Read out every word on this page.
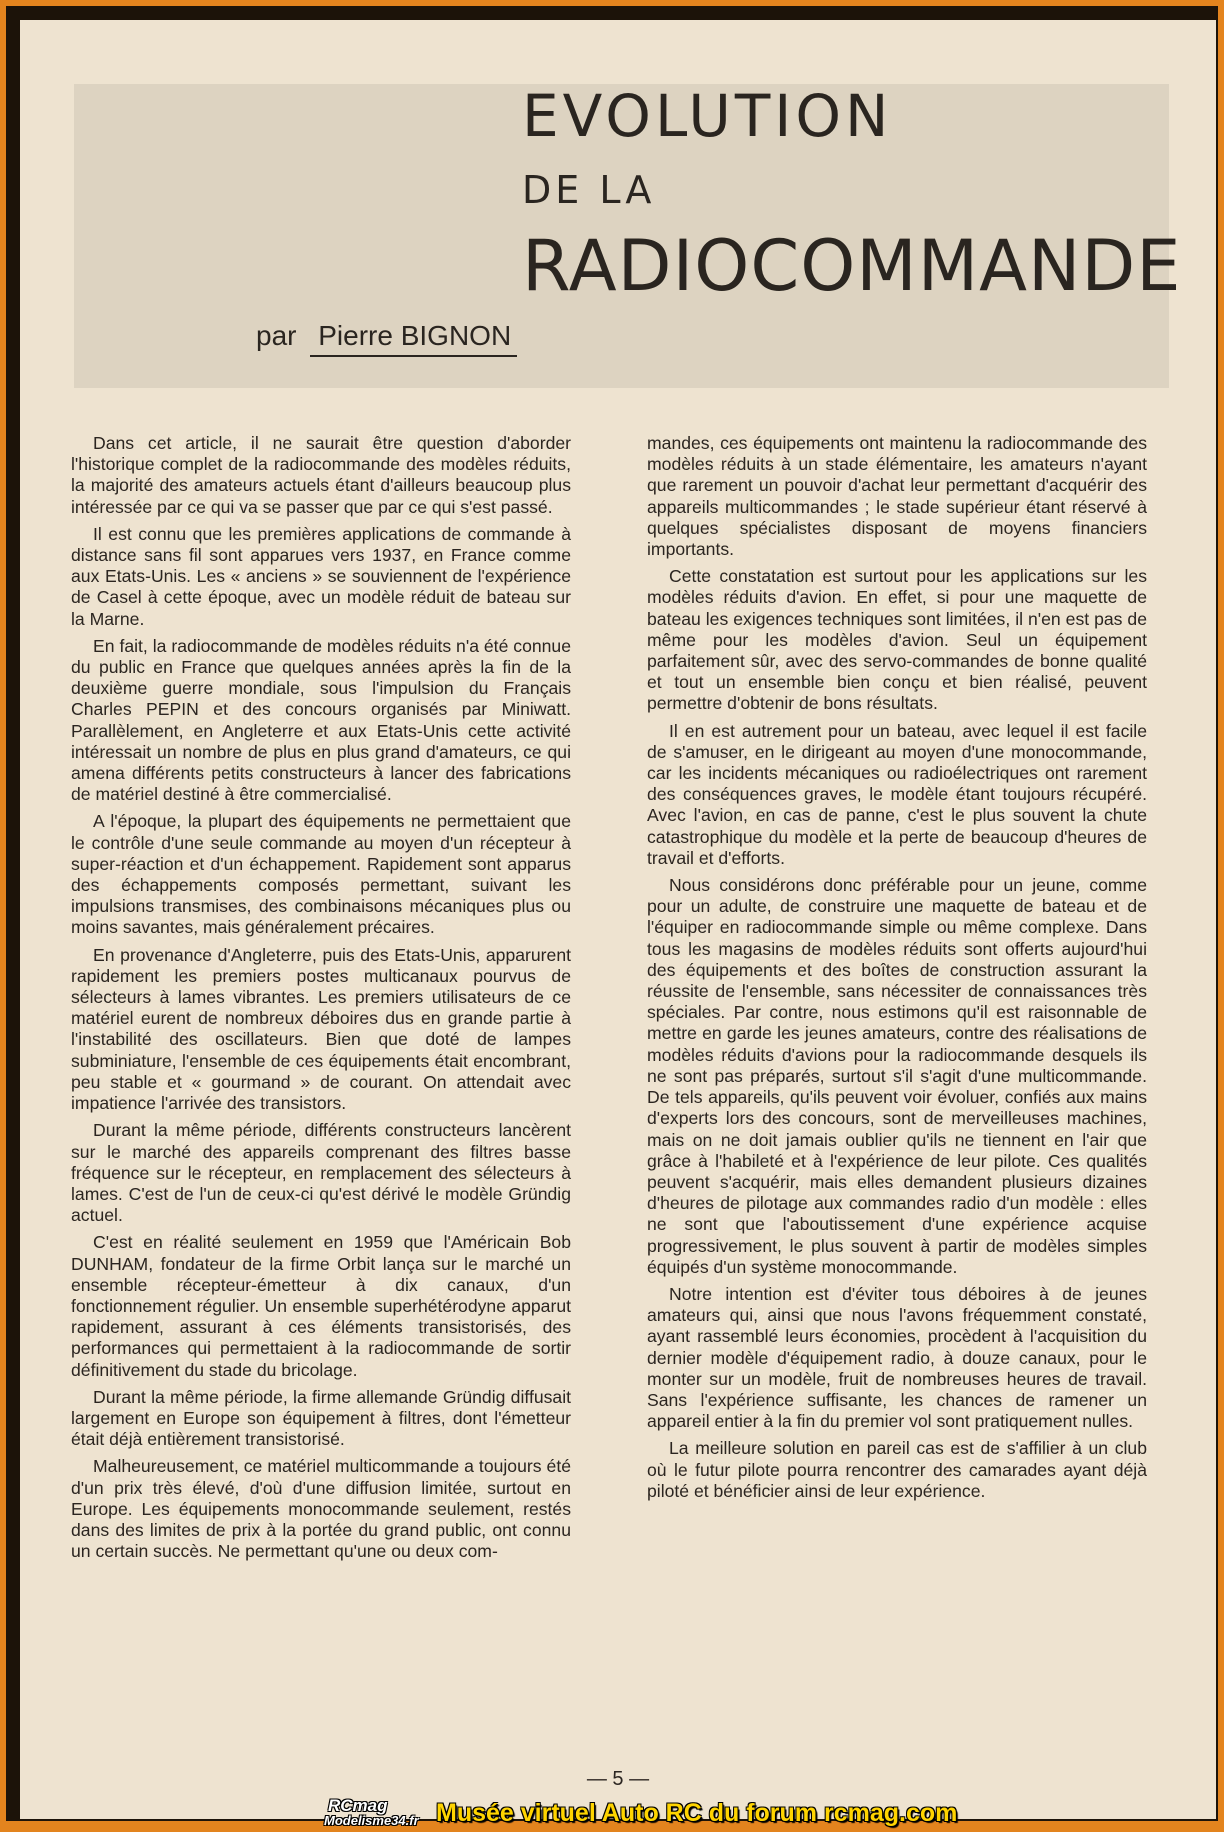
EVOLUTION
DE LA
RADIOCOMMANDE
par Pierre BIGNON

Dans cet article, il ne saurait être question d'aborder l'historique complet de la radiocommande des modèles réduits, la majorité des amateurs actuels étant d'ailleurs beaucoup plus intéressée par ce qui va se passer que par ce qui s'est passé.

Il est connu que les premières applications de commande à distance sans fil sont apparues vers 1937, en France comme aux Etats-Unis. Les « anciens » se souviennent de l'expérience de Casel à cette époque, avec un modèle réduit de bateau sur la Marne.

En fait, la radiocommande de modèles réduits n'a été connue du public en France que quelques années après la fin de la deuxième guerre mondiale, sous l'impulsion du Français Charles PEPIN et des concours organisés par Miniwatt. Parallèlement, en Angleterre et aux Etats-Unis cette activité intéressait un nombre de plus en plus grand d'amateurs, ce qui amena différents petits constructeurs à lancer des fabrications de matériel destiné à être commercialisé.

A l'époque, la plupart des équipements ne permettaient que le contrôle d'une seule commande au moyen d'un récepteur à super-réaction et d'un échappement. Rapidement sont apparus des échappements composés permettant, suivant les impulsions transmises, des combinaisons mécaniques plus ou moins savantes, mais généralement précaires.

En provenance d'Angleterre, puis des Etats-Unis, apparurent rapidement les premiers postes multicanaux pourvus de sélecteurs à lames vibrantes. Les premiers utilisateurs de ce matériel eurent de nombreux déboires dus en grande partie à l'instabilité des oscillateurs. Bien que doté de lampes subminiature, l'ensemble de ces équipements était encombrant, peu stable et « gourmand » de courant. On attendait avec impatience l'arrivée des transistors.

Durant la même période, différents constructeurs lancèrent sur le marché des appareils comprenant des filtres basse fréquence sur le récepteur, en remplacement des sélecteurs à lames. C'est de l'un de ceux-ci qu'est dérivé le modèle Gründig actuel.

C'est en réalité seulement en 1959 que l'Américain Bob DUNHAM, fondateur de la firme Orbit lança sur le marché un ensemble récepteur-émetteur à dix canaux, d'un fonctionnement régulier. Un ensemble superhétérodyne apparut rapidement, assurant à ces éléments transistorisés, des performances qui permettaient à la radiocommande de sortir définitivement du stade du bricolage.

Durant la même période, la firme allemande Gründig diffusait largement en Europe son équipement à filtres, dont l'émetteur était déjà entièrement transistorisé.

Malheureusement, ce matériel multicommande a toujours été d'un prix très élevé, d'où d'une diffusion limitée, surtout en Europe. Les équipements monocommande seulement, restés dans des limites de prix à la portée du grand public, ont connu un certain succès. Ne permettant qu'une ou deux com-

mandes, ces équipements ont maintenu la radiocommande des modèles réduits à un stade élémentaire, les amateurs n'ayant que rarement un pouvoir d'achat leur permettant d'acquérir des appareils multicommandes ; le stade supérieur étant réservé à quelques spécialistes disposant de moyens financiers importants.

Cette constatation est surtout pour les applications sur les modèles réduits d'avion. En effet, si pour une maquette de bateau les exigences techniques sont limitées, il n'en est pas de même pour les modèles d'avion. Seul un équipement parfaitement sûr, avec des servo-commandes de bonne qualité et tout un ensemble bien conçu et bien réalisé, peuvent permettre d'obtenir de bons résultats.

Il en est autrement pour un bateau, avec lequel il est facile de s'amuser, en le dirigeant au moyen d'une monocommande, car les incidents mécaniques ou radioélectriques ont rarement des conséquences graves, le modèle étant toujours récupéré. Avec l'avion, en cas de panne, c'est le plus souvent la chute catastrophique du modèle et la perte de beaucoup d'heures de travail et d'efforts.

Nous considérons donc préférable pour un jeune, comme pour un adulte, de construire une maquette de bateau et de l'équiper en radiocommande simple ou même complexe. Dans tous les magasins de modèles réduits sont offerts aujourd'hui des équipements et des boîtes de construction assurant la réussite de l'ensemble, sans nécessiter de connaissances très spéciales. Par contre, nous estimons qu'il est raisonnable de mettre en garde les jeunes amateurs, contre des réalisations de modèles réduits d'avions pour la radiocommande desquels ils ne sont pas préparés, surtout s'il s'agit d'une multicommande. De tels appareils, qu'ils peuvent voir évoluer, confiés aux mains d'experts lors des concours, sont de merveilleuses machines, mais on ne doit jamais oublier qu'ils ne tiennent en l'air que grâce à l'habileté et à l'expérience de leur pilote. Ces qualités peuvent s'acquérir, mais elles demandent plusieurs dizaines d'heures de pilotage aux commandes radio d'un modèle : elles ne sont que l'aboutissement d'une expérience acquise progressivement, le plus souvent à partir de modèles simples équipés d'un système monocommande.

Notre intention est d'éviter tous déboires à de jeunes amateurs qui, ainsi que nous l'avons fréquemment constaté, ayant rassemblé leurs économies, procèdent à l'acquisition du dernier modèle d'équipement radio, à douze canaux, pour le monter sur un modèle, fruit de nombreuses heures de travail. Sans l'expérience suffisante, les chances de ramener un appareil entier à la fin du premier vol sont pratiquement nulles.

La meilleure solution en pareil cas est de s'affilier à un club où le futur pilote pourra rencontrer des camarades ayant déjà piloté et bénéficier ainsi de leur expérience.

— 5 —
RCmag
Modelisme34.fr Musée virtuel Auto RC du forum rcmag.com
